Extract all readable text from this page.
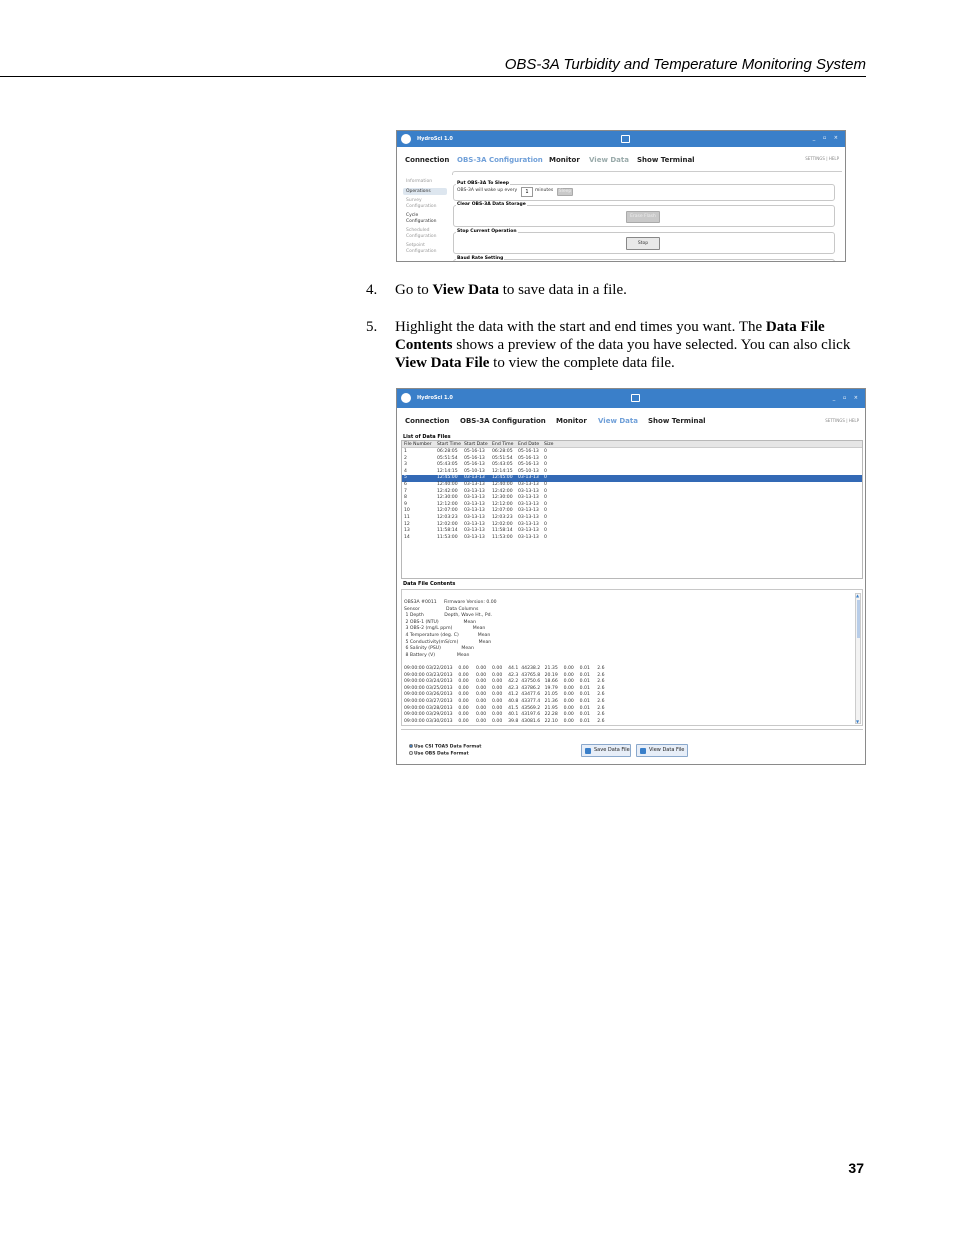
OBS-3A Turbidity and Temperature Monitoring System
HydroSci 1.0	_ ▫ ×
Connection OBS-3A Configuration Monitor View Data Show Terminal	SETTINGS | HELP
Information
Operations
Survey Configuration
Cycle Configuration
Scheduled Configuration
Setpoint Configuration
Put OBS-3A To Sleep
OBS-3A will wake up every	1	minutes	Sleep
Clear OBS-3A Data Storage
Erase Flash
Stop Current Operation
Stop
Baud Rate Setting
4. Go to View Data to save data in a file.
5. Highlight the data with the start and end times you want. The Data File Contents shows a preview of the data you have selected. You can also click View Data File to view the complete data file.
HydroSci 1.0	_ ▫ ×
Connection OBS-3A Configuration Monitor View Data Show Terminal	SETTINGS | HELP
List of Data Files
File Number Start Time Start Date End Time End Date Size
1	06:28:05 05-16-13 06:28:05 05-16-13 0
2	05:51:54 05-16-13 05:51:54 05-16-13 0
3	05:43:05 05-16-13 05:43:05 05-16-13 0
4	12:14:15 05-10-13 12:14:15 05-10-13 0
5	12:45:00 03-13-13 12:45:00 03-13-13 0
6	12:40:00 03-13-13 12:40:00 03-13-13 0
7	12:42:00 03-13-13 12:42:00 03-13-13 0
8	12:30:00 03-13-13 12:30:00 03-13-13 0
9	12:12:00 03-13-13 12:12:00 03-13-13 0
10	12:07:00 03-13-13 12:07:00 03-13-13 0
11	12:03:23 03-13-13 12:03:23 03-13-13 0
12	12:02:00 03-13-13 12:02:00 03-13-13 0
13	11:58:14 03-13-13 11:58:14 03-13-13 0
14	11:53:00 03-13-13 11:53:00 03-13-13 0
Data File Contents
▲
▼
OBS3A #0011     Firmware Version: 0.00
Sensor                  Data Columns
1 Depth              Depth, Wave Ht., Pd.
2 OBS-1 (NTU)                 Mean
3 OBS-2 (mg/L ppm)              Mean
4 Temperature (deg. C)             Mean
5 Conductivity(mS/cm)              Mean
6 Salinity (PSU)              Mean
8 Battery (V)               Mean
09:00:00 03/22/2013    0.00     0.00    0.00    44.1  44238.2   21.35    0.00    0.01     2.6
09:00:00 03/23/2013    0.00     0.00    0.00    42.3  43765.8   20.19    0.00    0.01     2.6
09:00:00 03/24/2013    0.00     0.00    0.00    42.2  43750.6   18.66    0.00    0.01     2.6
09:00:00 03/25/2013    0.00     0.00    0.00    42.3  43786.2   19.79    0.00    0.01     2.6
09:00:00 03/26/2013    0.00     0.00    0.00    41.2  43477.6   21.05    0.00    0.01     2.6
09:00:00 03/27/2013    0.00     0.00    0.00    40.8  43377.4   21.36    0.00    0.01     2.6
09:00:00 03/28/2013    0.00     0.00    0.00    41.5  43569.2   21.95    0.00    0.01     2.6
09:00:00 03/29/2013    0.00     0.00    0.00    40.1  43197.6   22.28    0.00    0.01     2.6
09:00:00 03/30/2013    0.00     0.00    0.00    39.8  43081.6   22.10    0.00    0.01     2.6
Use CSI TOA5 Data Format
Use OBS Data Format
Save Data File	View Data File
37
